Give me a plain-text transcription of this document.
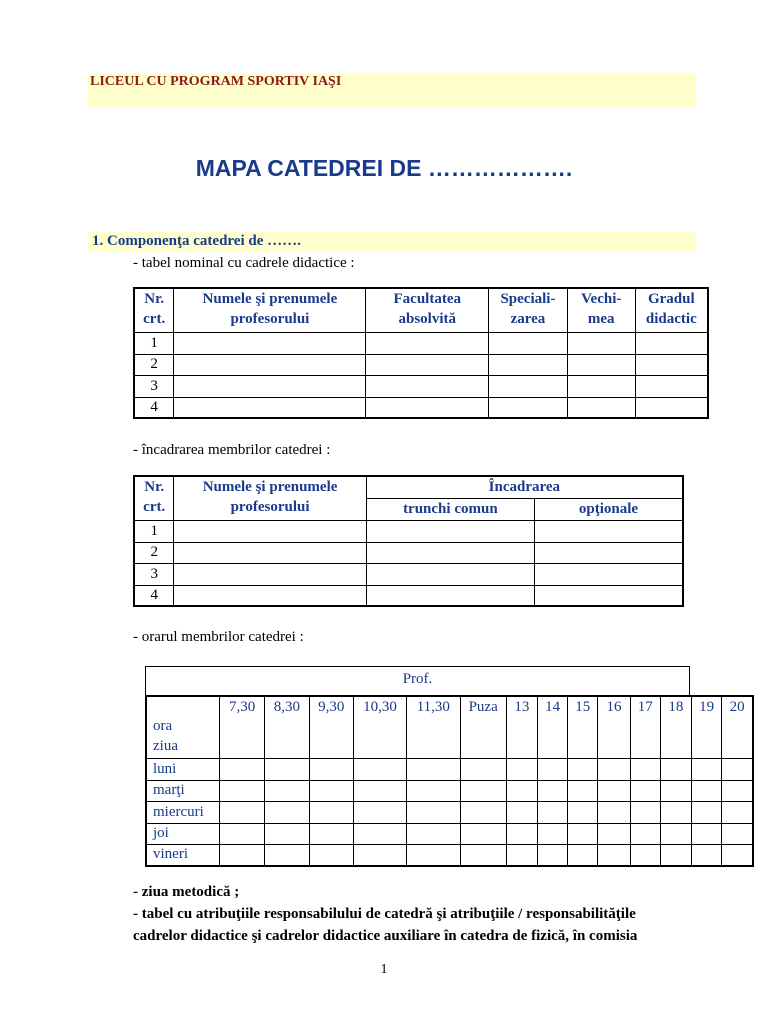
LICEUL CU PROGRAM SPORTIV IAŞI
MAPA CATEDREI DE ……………….
1. Componenţa catedrei de …….
- tabel nominal cu cadrele didactice :
Nr. crt.	Numele şi prenumele profesorului	Facultatea absolvită	Speciali-zarea	Vechi-mea	Gradul didactic
1					
2					
3					
4					
- încadrarea membrilor catedrei :
Nr. crt.	Numele şi prenumele profesorului	Încadrarea	
		trunchi comun	opţionale
1			
2			
3			
4			
- orarul membrilor catedrei :
Prof.
ora
ziua	7,30	8,30	9,30	10,30	11,30	Puza	13	14	15	16	17	18	19	20
luni														
marţi														
miercuri														
joi														
vineri														
- ziua metodică ;
- tabel cu atribuţiile responsabilului de catedră şi atribuţiile / responsabilităţile
cadrelor didactice şi cadrelor didactice auxiliare în catedra de fizică, în comisia
1
